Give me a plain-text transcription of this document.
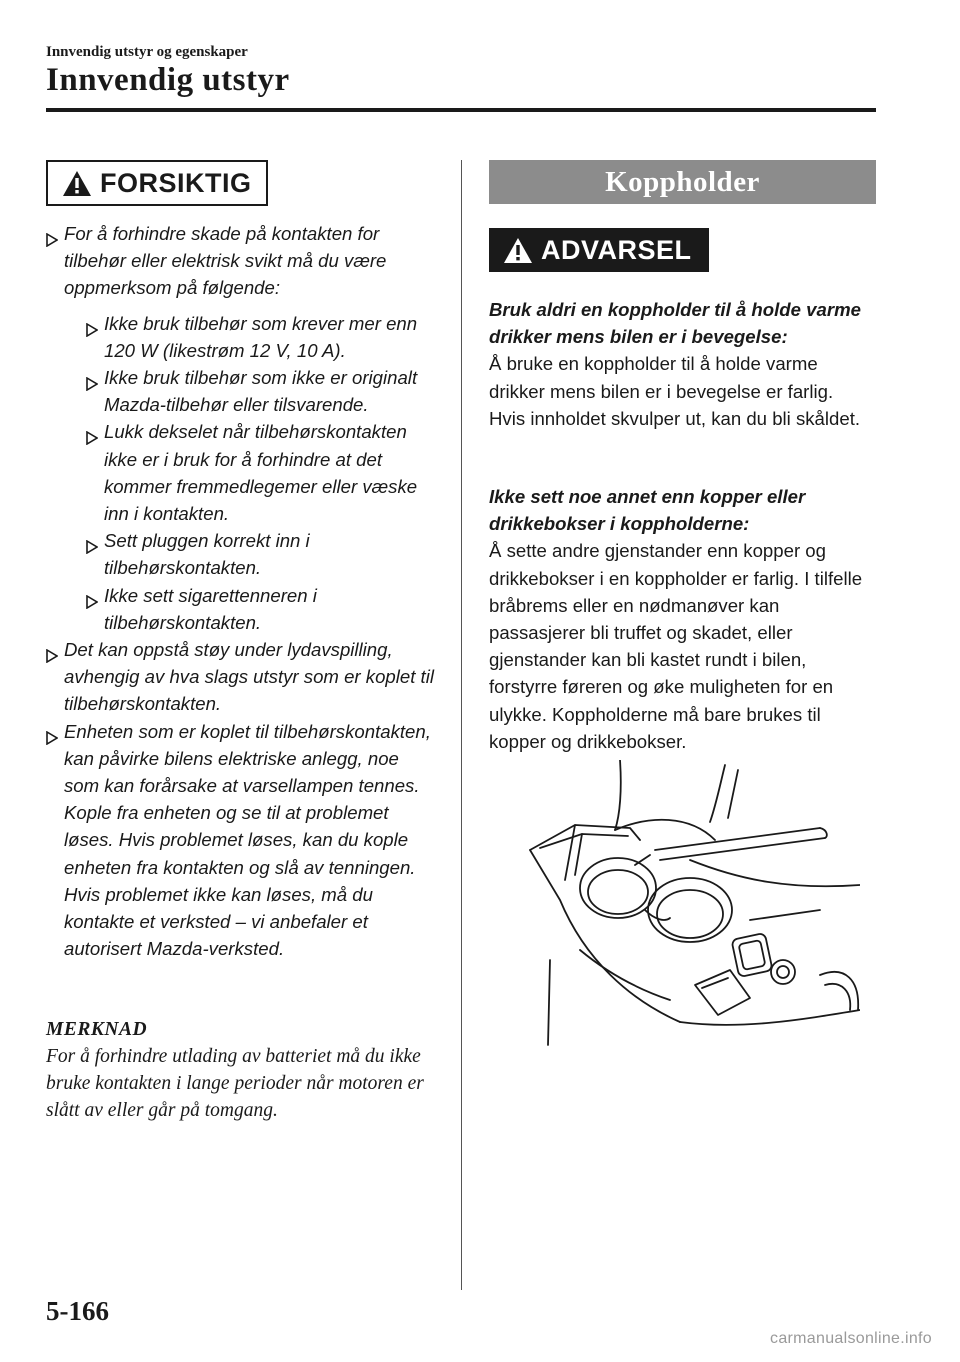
Innvendig utstyr og egenskaper
Innvendig utstyr
FORSIKTIG
For å forhindre skade på kontakten for tilbehør eller elektrisk svikt må du være oppmerksom på følgende:
Ikke bruk tilbehør som krever mer enn 120 W (likestrøm 12 V, 10 A).
Ikke bruk tilbehør som ikke er originalt Mazda-tilbehør eller tilsvarende.
Lukk dekselet når tilbehørskontakten ikke er i bruk for å forhindre at det kommer fremmedlegemer eller væske inn i kontakten.
Sett pluggen korrekt inn i tilbehørskontakten.
Ikke sett sigarettenneren i tilbehørskontakten.
Det kan oppstå støy under lydavspilling, avhengig av hva slags utstyr som er koplet til tilbehørskontakten.
Enheten som er koplet til tilbehørskontakten, kan påvirke bilens elektriske anlegg, noe som kan forårsake at varsellampen tennes. Kople fra enheten og se til at problemet løses. Hvis problemet løses, kan du kople enheten fra kontakten og slå av tenningen. Hvis problemet ikke kan løses, må du kontakte et verksted – vi anbefaler et autorisert Mazda-verksted.
MERKNAD
For å forhindre utlading av batteriet må du ikke bruke kontakten i lange perioder når motoren er slått av eller går på tomgang.
Koppholder
ADVARSEL

Bruk aldri en koppholder til å holde varme drikker mens bilen er i bevegelse:

Å bruke en koppholder til å holde varme drikker mens bilen er i bevegelse er farlig. Hvis innholdet skvulper ut, kan du bli skåldet.

Ikke sett noe annet enn kopper eller drikkebokser i koppholderne:

Å sette andre gjenstander enn kopper og drikkebokser i en koppholder er farlig. I tilfelle bråbrems eller en nødmanøver kan passasjerer bli truffet og skadet, eller gjenstander kan bli kastet rundt i bilen, forstyrre føreren og øke muligheten for en ulykke. Koppholderne må bare brukes til kopper og drikkebokser.

5-166
carmanualsonline.info
